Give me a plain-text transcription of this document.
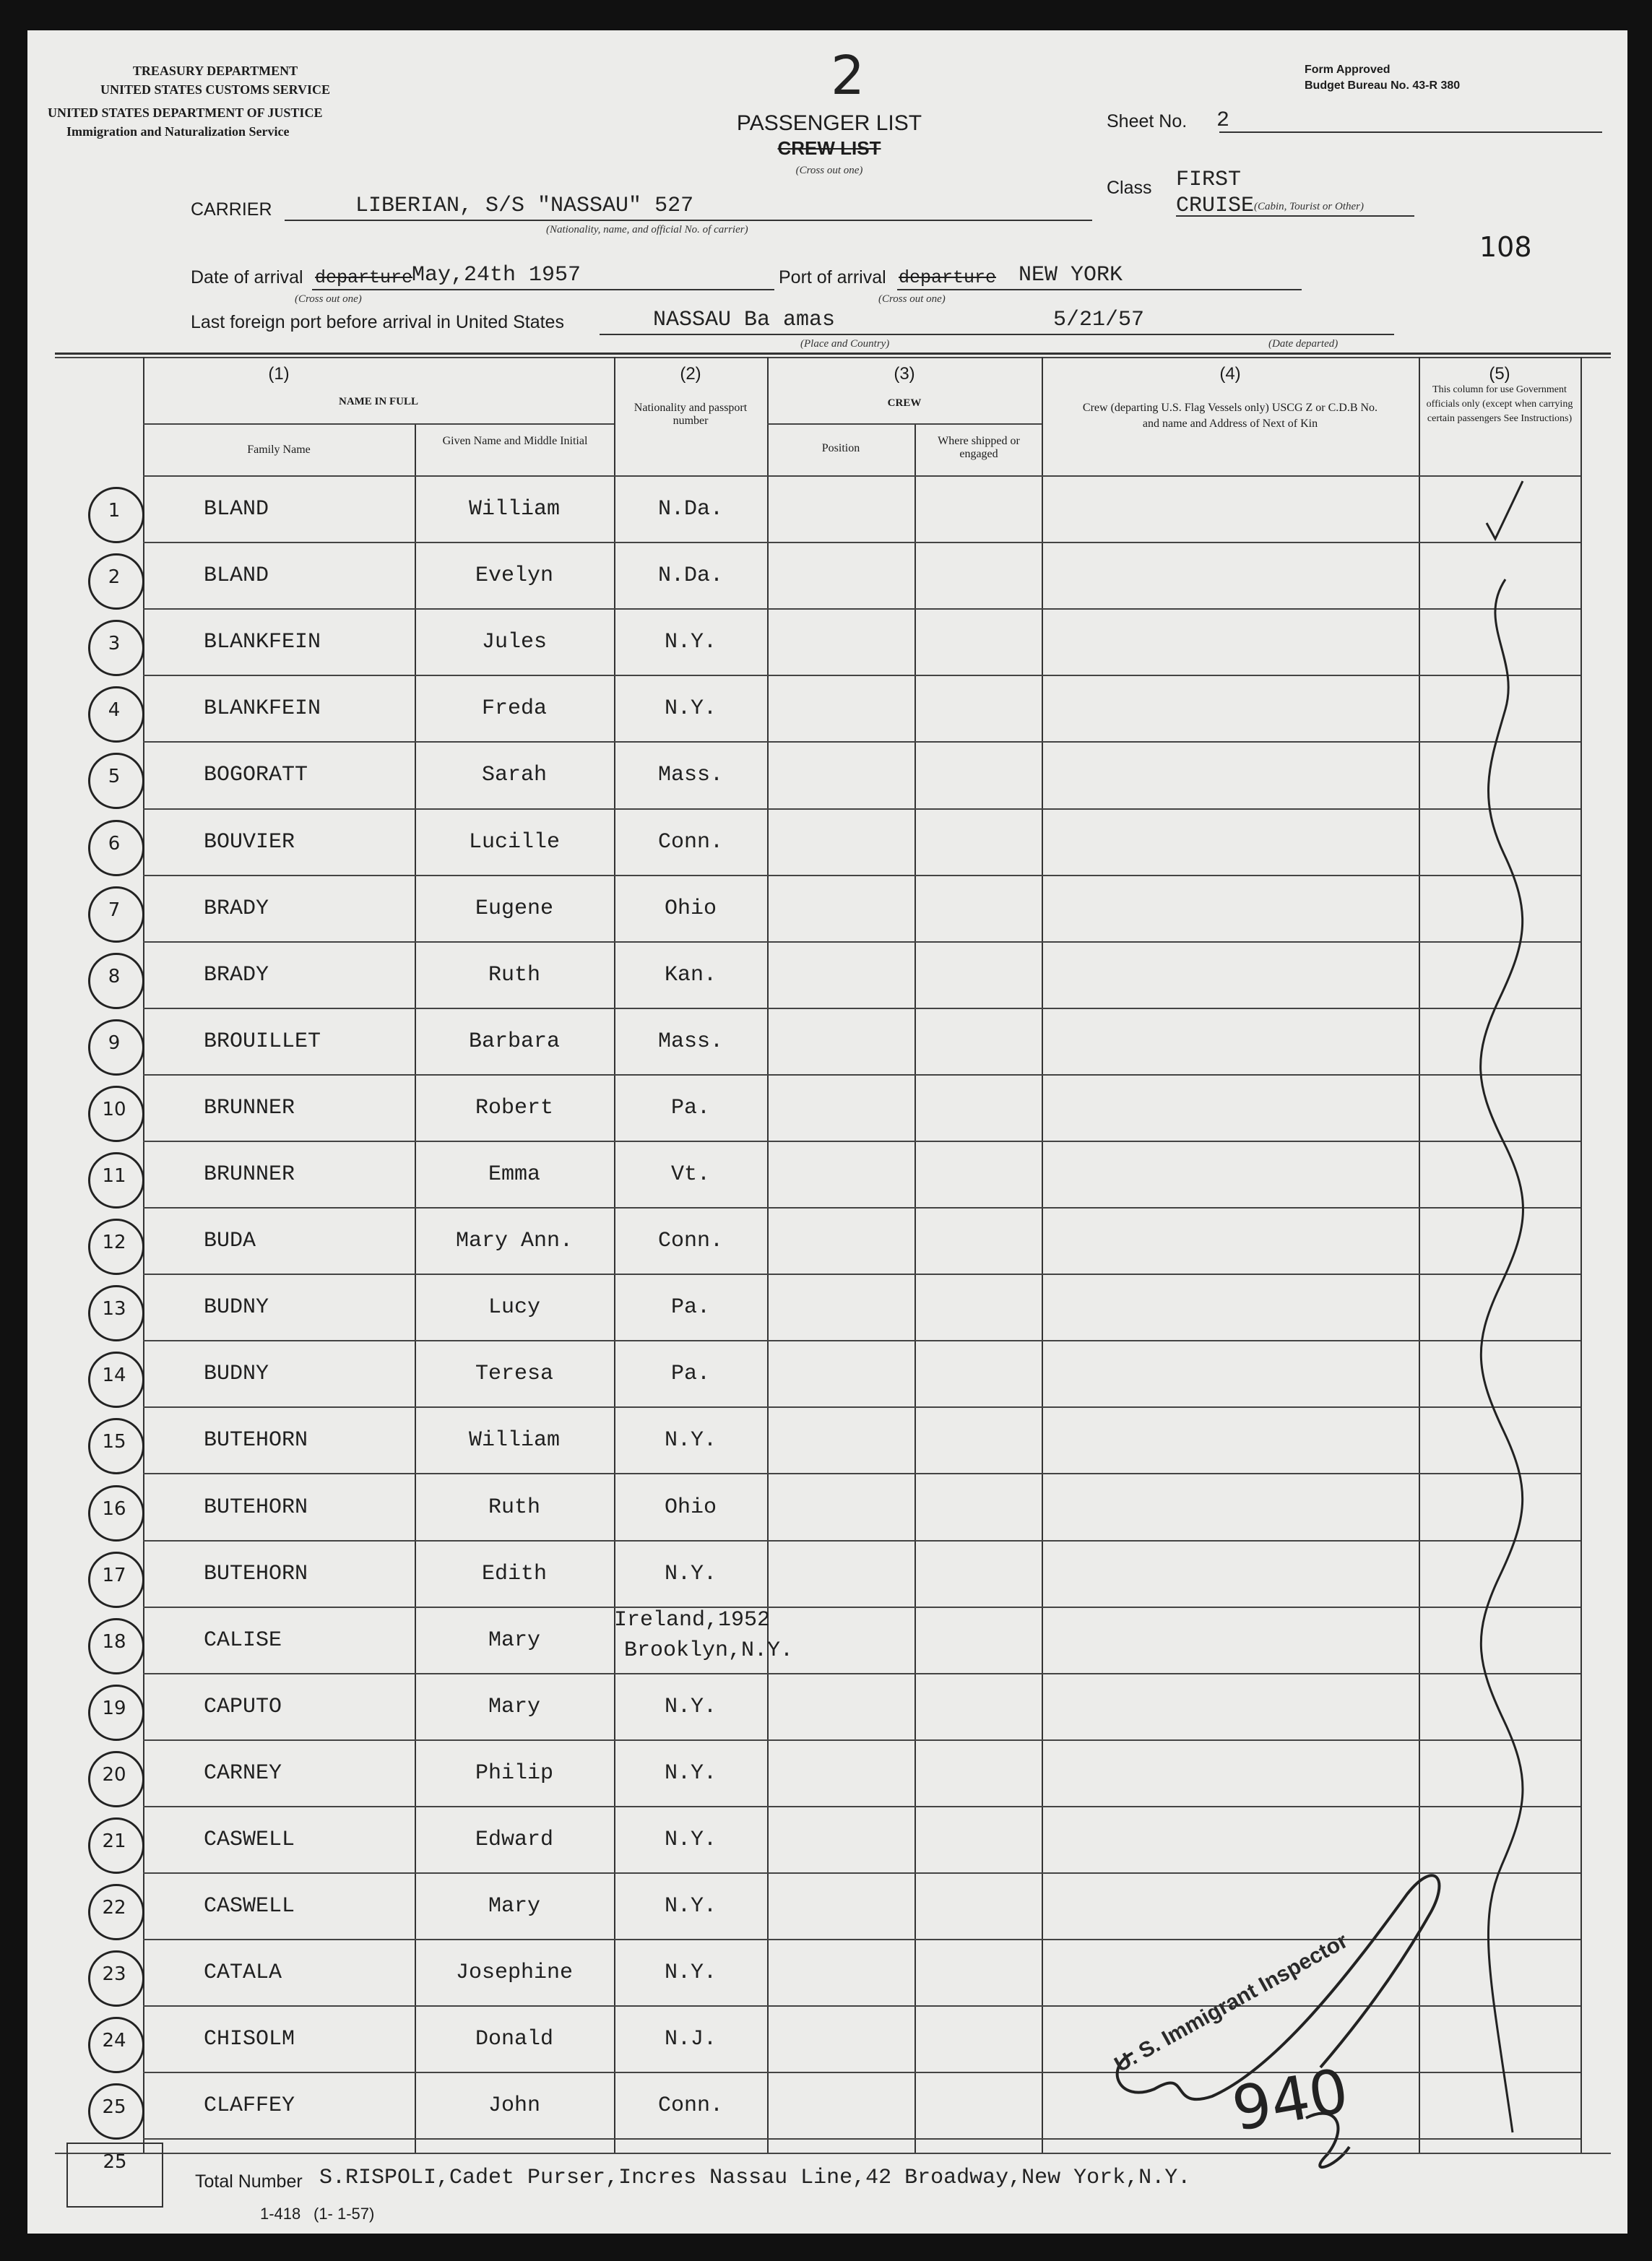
TREASURY DEPARTMENT
UNITED STATES CUSTOMS SERVICE
UNITED STATES DEPARTMENT OF JUSTICE
Immigration and Naturalization Service
2
PASSENGER LIST
CREW LIST
(Cross out one)
Form Approved
Budget Bureau No. 43-R 380
Sheet No. 2
Class FIRST
CRUISE (Cabin, Tourist or Other)
108
CARRIER	LIBERIAN, S/S "NASSAU" 527
(Nationality, name, and official No. of carrier)
Date of arrival departure
May,24th 1957
(Cross out one)
Port of arrival departure NEW YORK
(Cross out one)
Last foreign port before arrival in United States	NASSAU Ba amas
(Place and Country)
5/21/57
(Date departed)
(1)
NAME IN FULL
Family Name
Given Name and Middle Initial
(2)
Nationality and passport number
(3)
CREW
Position
Where shipped or engaged
(4)
Crew (departing U.S. Flag Vessels only) USCG Z or C.D.B No. and name and Address of Next of Kin
(5)
This column for use Government officials only (except when carrying certain passengers See Instructions)
1	BLAND	William	N.Da.
2	BLAND	Evelyn	N.Da.
3	BLANKFEIN	Jules	N.Y.
4	BLANKFEIN	Freda	N.Y.
5	BOGORATT	Sarah	Mass.
6	BOUVIER	Lucille	Conn.
7	BRADY	Eugene	Ohio
8	BRADY	Ruth	Kan.
9	BROUILLET	Barbara	Mass.
10	BRUNNER	Robert	Pa.
11	BRUNNER	Emma	Vt.
12	BUDA	Mary Ann.	Conn.
13	BUDNY	Lucy	Pa.
14	BUDNY	Teresa	Pa.
15	BUTEHORN	William	N.Y.
16	BUTEHORN	Ruth	Ohio
17	BUTEHORN	Edith	N.Y.
18	CALISE	Mary
Ireland,1952
Brooklyn,N.Y.
19	CAPUTO	Mary	N.Y.
20	CARNEY	Philip	N.Y.
21	CASWELL	Edward	N.Y.
22	CASWELL	Mary	N.Y.
23	CATALA	Josephine	N.Y.
24	CHISOLM	Donald	N.J.
25	CLAFFEY	John	Conn.
U. S. Immigrant Inspector
940
25
Total Number S.RISPOLI,Cadet Purser,Incres Nassau Line,42 Broadway,New York,N.Y.
1-418 (1- 1-57)
